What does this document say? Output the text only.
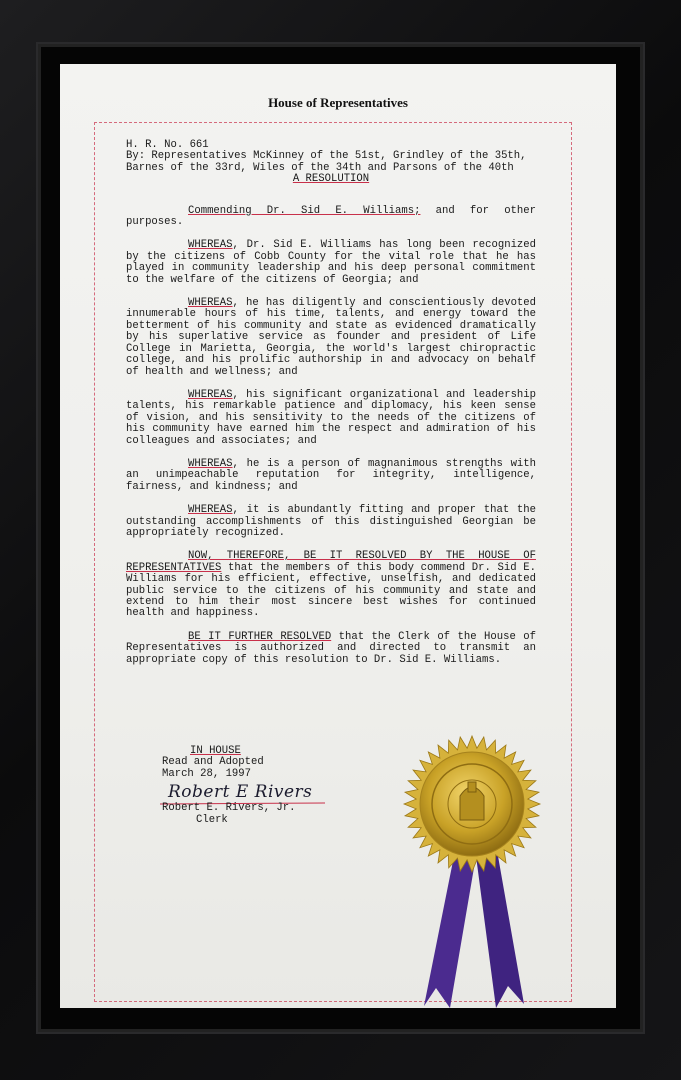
House of Representatives

H. R. No. 661

By: Representatives McKinney of the 51st, Grindley of the 35th, Barnes of the 33rd, Wiles of the 34th and Parsons of the 40th

A RESOLUTION

Commending Dr. Sid E. Williams; and for other purposes.

WHEREAS, Dr. Sid E. Williams has long been recognized by the citizens of Cobb County for the vital role that he has played in community leadership and his deep personal commitment to the welfare of the citizens of Georgia; and

WHEREAS, he has diligently and conscientiously devoted innumerable hours of his time, talents, and energy toward the betterment of his community and state as evidenced dramatically by his superlative service as founder and president of Life College in Marietta, Georgia, the world's largest chiropractic college, and his prolific authorship in and advocacy on behalf of health and wellness; and

WHEREAS, his significant organizational and leadership talents, his remarkable patience and diplomacy, his keen sense of vision, and his sensitivity to the needs of the citizens of his community have earned him the respect and admiration of his colleagues and associates; and

WHEREAS, he is a person of magnanimous strengths with an unimpeachable reputation for integrity, intelligence, fairness, and kindness; and

WHEREAS, it is abundantly fitting and proper that the outstanding accomplishments of this distinguished Georgian be appropriately recognized.

NOW, THEREFORE, BE IT RESOLVED BY THE HOUSE OF REPRESENTATIVES that the members of this body commend Dr. Sid E. Williams for his efficient, effective, unselfish, and dedicated public service to the citizens of his community and state and extend to him their most sincere best wishes for continued health and happiness.

BE IT FURTHER RESOLVED that the Clerk of the House of Representatives is authorized and directed to transmit an appropriate copy of this resolution to Dr. Sid E. Williams.

IN HOUSE
Read and Adopted
March 28, 1997
Robert E Rivers
Robert E. Rivers, Jr.
Clerk
